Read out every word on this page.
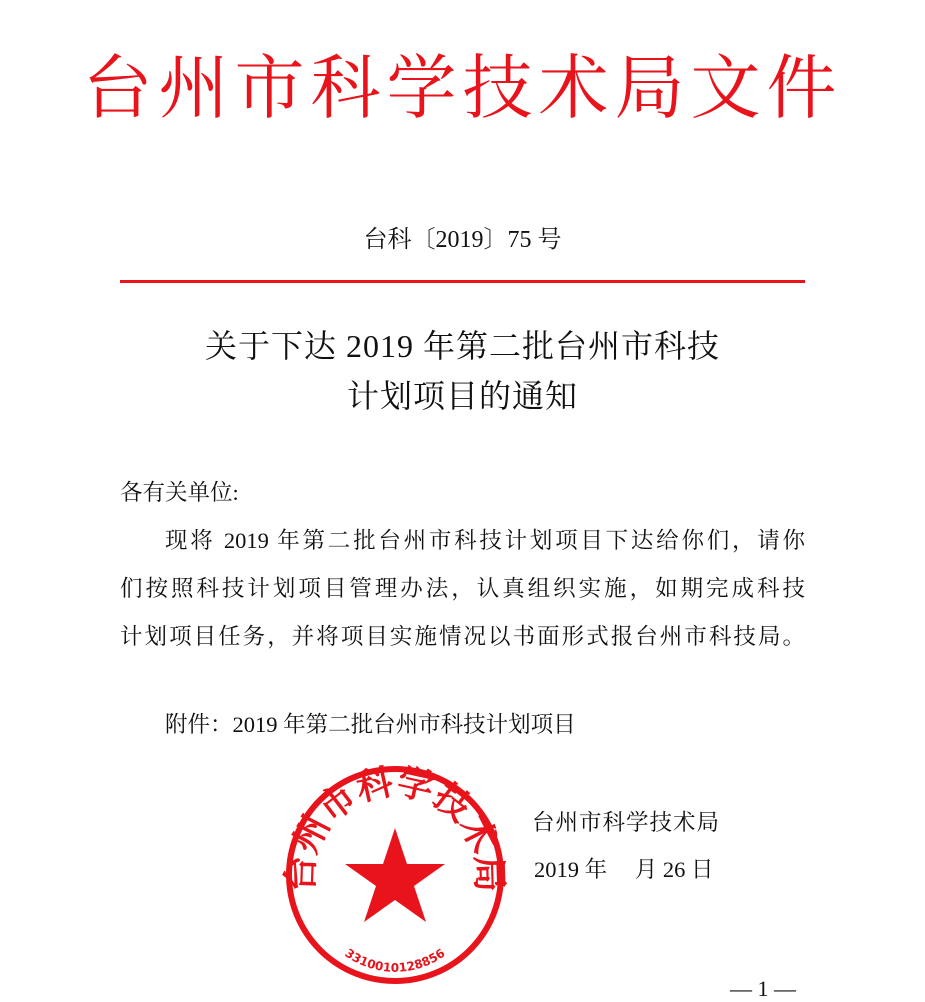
台州市科学技术局文件
台科〔2019〕75 号
关于下达 2019 年第二批台州市科技
计划项目的通知
各有关单位:
现将 2019 年第二批台州市科技计划项目下达给你们，请你
们按照科技计划项目管理办法，认真组织实施，如期完成科技
计划项目任务，并将项目实施情况以书面形式报台州市科技局。
附件：2019 年第二批台州市科技计划项目
台州市科学技术局
3310010128856
台州市科学技术局
2019 年 月 26 日
— 1 —
